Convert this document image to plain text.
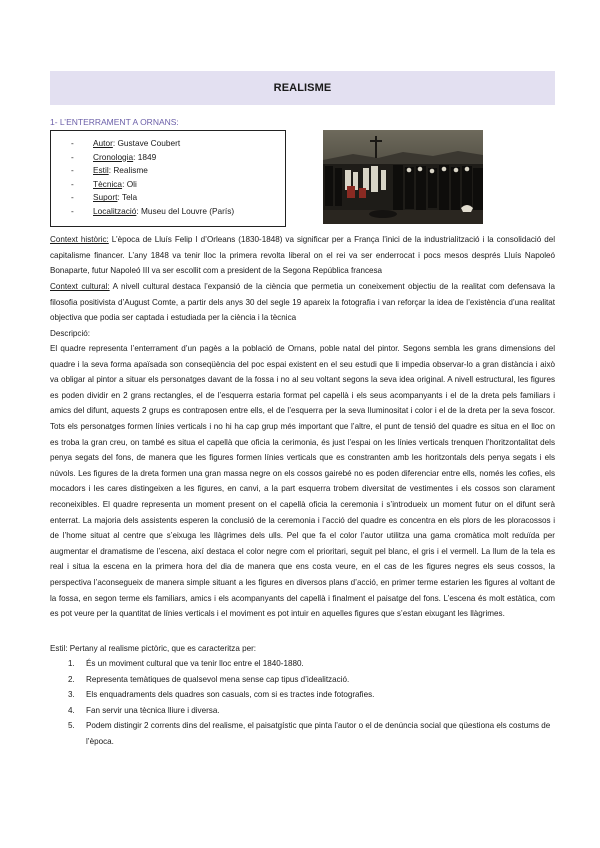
REALISME
1- L’ENTERRAMENT A ORNANS:
-	Autor: Gustave Coubert
-	Cronologia: 1849
-	Estil: Realisme
-	Tècnica: Oli
-	Suport: Tela
-	Localització: Museu del Louvre (París)
Context històric: L’època de Lluís Felip I d’Orleans (1830-1848) va significar per a França l’inici de la industrialització i la consolidació del capitalisme financer. L’any 1848 va tenir lloc la primera revolta liberal on el rei va ser enderrocat i pocs mesos després Lluís Napoleó Bonaparte, futur Napoleó III va ser escollit com a president de la Segona República francesa
Context cultural: A nivell cultural destaca l’expansió de la ciència que permetia un coneixement objectiu de la realitat com defensava la filosofia positivista d’August Comte, a partir dels anys 30 del segle 19 apareix la fotografia i van reforçar la idea de l’existència d’una realitat objectiva que podia ser captada i estudiada per la ciència i la tècnica
Descripció:
El quadre representa l’enterrament d’un pagès a la població de Ornans, poble natal del pintor. Segons sembla les grans dimensions del quadre i la seva forma apaïsada son conseqüència del poc espai existent en el seu estudi que li impedia observar-lo a gran distància i això va obligar al pintor a situar els personatges davant de la fossa i no al seu voltant segons la seva idea original. A nivell estructural, les figures es poden dividir en 2 grans rectangles, el de l’esquerra estaria format pel capellà i els seus acompanyants i el de la dreta pels familiars i amics del difunt, aquests 2 grups es contraposen entre ells, el de l’esquerra per la seva lluminositat i color i el de la dreta per la seva foscor. Tots els personatges formen línies verticals i no hi ha cap grup més important que l’altre, el punt de tensió del quadre es situa en el lloc on es troba la gran creu, on també es situa el capellà que oficia la cerimonia, és just l’espai on les línies verticals trenquen l’horitzontalitat dels penya segats del fons, de manera que les figures formen línies verticals que es constranten amb les horitzontals dels penya segats i els núvols. Les figures de la dreta formen una gran massa negre on els cossos gairebé no es poden diferenciar entre ells, només les cofies, els mocadors i les cares distingeixen a les figures, en canvi, a la part esquerra trobem diversitat de vestimentes i els cossos son clarament reconeixibles. El quadre representa un moment present on el capellà oficia la ceremonia i s’introdueix un moment futur on el difunt serà enterrat. La majoria dels assistents esperen la conclusió de la ceremonia i l’acció del quadre es concentra en els plors de les ploracossos i de l’home situat al centre que s’eixuga les llàgrimes dels ulls. Pel que fa el color l’autor utilitza una gama cromàtica molt reduïda per augmentar el dramatisme de l’escena, així destaca el color negre com el prioritari, seguit pel blanc, el gris i el vermell. La llum de la tela es real i situa la escena en la primera hora del dia de manera que ens costa veure, en el cas de les figures negres els seus cossos, la perspectiva l’aconsegueix de manera simple situant a les figures en diversos plans d’acció, en primer terme estarien les figures al voltant de la fossa, en segon terme els familiars, amics i els acompanyants del capellà i finalment el paisatge del fons. L’escena és molt estàtica, com es pot veure per la quantitat de línies verticals i el moviment es pot intuir en aquelles figures que s’estan eixugant les llàgrimes.
Estil: Pertany al realisme pictòric, que es caracteritza per:
1.	És un moviment cultural que va tenir lloc entre el 1840-1880.
2.	Representa temàtiques de qualsevol mena sense cap tipus d’idealització.
3.	Els enquadraments dels quadres son casuals, com si es tractes inde fotografies.
4.	Fan servir una tècnica lliure i diversa.
5.	Podem distingir 2 corrents dins del realisme, el paisatgístic que pinta l’autor o el de denúncia social que qüestiona els costums de l’època.
